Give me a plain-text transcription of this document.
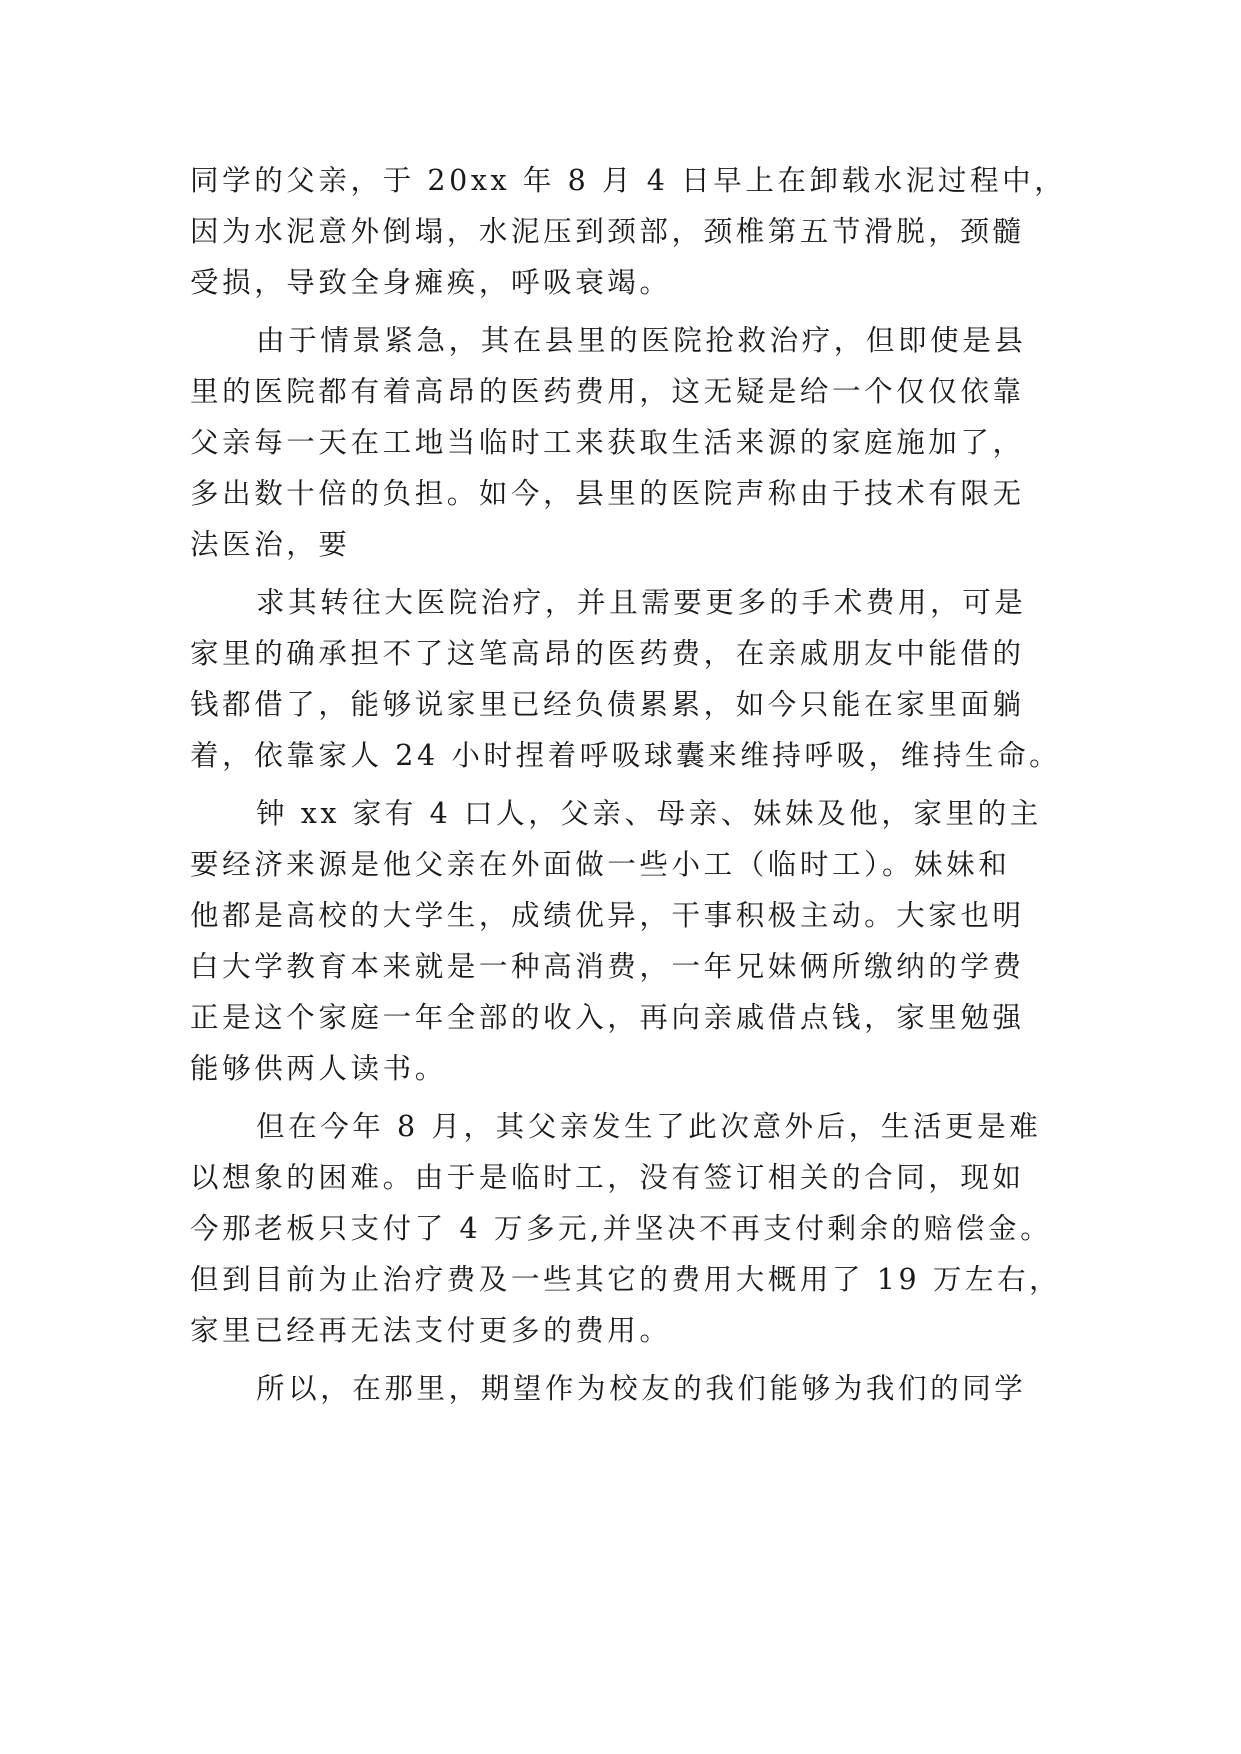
同学的父亲，于 20xx 年 8 月 4 日早上在卸载水泥过程中，
因为水泥意外倒塌，水泥压到颈部，颈椎第五节滑脱，颈髓
受损，导致全身瘫痪，呼吸衰竭。
由于情景紧急，其在县里的医院抢救治疗，但即使是县
里的医院都有着高昂的医药费用，这无疑是给一个仅仅依靠
父亲每一天在工地当临时工来获取生活来源的家庭施加了，
多出数十倍的负担。如今，县里的医院声称由于技术有限无
法医治，要
求其转往大医院治疗，并且需要更多的手术费用，可是
家里的确承担不了这笔高昂的医药费，在亲戚朋友中能借的
钱都借了，能够说家里已经负债累累，如今只能在家里面躺
着，依靠家人 24 小时捏着呼吸球囊来维持呼吸，维持生命。
钟 xx 家有 4 口人，父亲、母亲、妹妹及他，家里的主
要经济来源是他父亲在外面做一些小工（临时工）。妹妹和
他都是高校的大学生，成绩优异，干事积极主动。大家也明
白大学教育本来就是一种高消费，一年兄妹俩所缴纳的学费
正是这个家庭一年全部的收入，再向亲戚借点钱，家里勉强
能够供两人读书。
但在今年 8 月，其父亲发生了此次意外后，生活更是难
以想象的困难。由于是临时工，没有签订相关的合同，现如
今那老板只支付了 4 万多元,并坚决不再支付剩余的赔偿金。
但到目前为止治疗费及一些其它的费用大概用了 19 万左右，
家里已经再无法支付更多的费用。
所以，在那里，期望作为校友的我们能够为我们的同学
